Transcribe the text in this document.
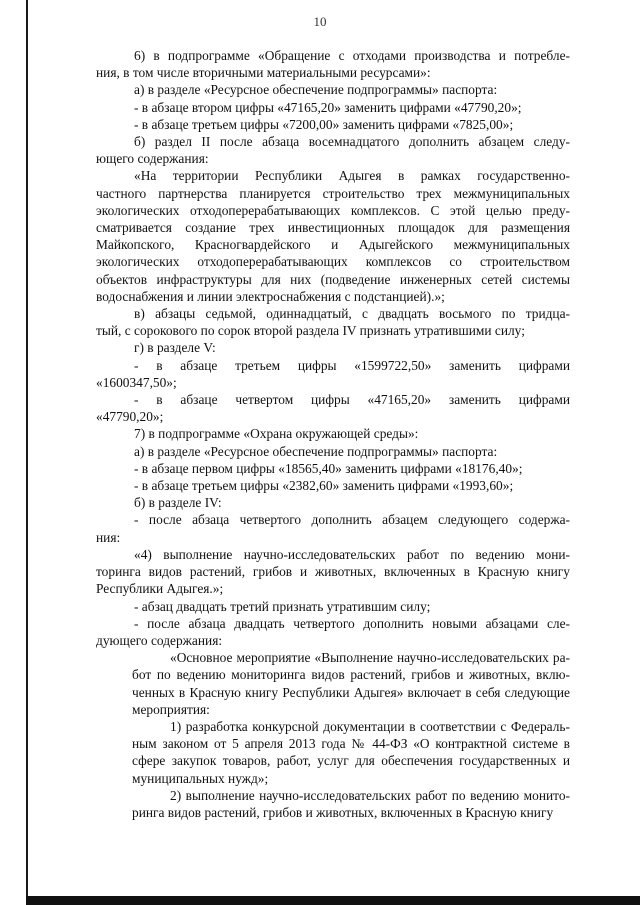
10
6) в подпрограмме «Обращение с отходами производства и потребле-
ния, в том числе вторичными материальными ресурсами»:
а) в разделе «Ресурсное обеспечение подпрограммы» паспорта:
- в абзаце втором цифры «47165,20» заменить цифрами «47790,20»;
- в абзаце третьем цифры «7200,00» заменить цифрами «7825,00»;
б) раздел II после абзаца восемнадцатого дополнить абзацем следу-
ющего содержания:
«На территории Республики Адыгея в рамках государственно-
частного партнерства планируется строительство трех межмуниципальных
экологических отходоперерабатывающих комплексов. С этой целью преду-
сматривается создание трех инвестиционных площадок для размещения
Майкопского, Красногвардейского и Адыгейского межмуниципальных
экологических отходоперерабатывающих комплексов со строительством
объектов инфраструктуры для них (подведение инженерных сетей системы
водоснабжения и линии электроснабжения с подстанцией).»;
в) абзацы седьмой, одиннадцатый, с двадцать восьмого по тридца-
тый, с сорокового по сорок второй раздела IV признать утратившими силу;
г) в разделе V:
- в абзаце третьем цифры «1599722,50» заменить цифрами
«1600347,50»;
- в абзаце четвертом цифры «47165,20» заменить цифрами
«47790,20»;
7) в подпрограмме «Охрана окружающей среды»:
а) в разделе «Ресурсное обеспечение подпрограммы» паспорта:
- в абзаце первом цифры «18565,40» заменить цифрами «18176,40»;
- в абзаце третьем цифры «2382,60» заменить цифрами «1993,60»;
б) в разделе IV:
- после абзаца четвертого дополнить абзацем следующего содержа-
ния:
«4) выполнение научно-исследовательских работ по ведению мони-
торинга видов растений, грибов и животных, включенных в Красную книгу
Республики Адыгея.»;
- абзац двадцать третий признать утратившим силу;
- после абзаца двадцать четвертого дополнить новыми абзацами сле-
дующего содержания:
«Основное мероприятие «Выполнение научно-исследовательских ра-
бот по ведению мониторинга видов растений, грибов и животных, вклю-
ченных в Красную книгу Республики Адыгея» включает в себя следующие
мероприятия:
1) разработка конкурсной документации в соответствии с Федераль-
ным законом от 5 апреля 2013 года № 44-ФЗ «О контрактной системе в
сфере закупок товаров, работ, услуг для обеспечения государственных и
муниципальных нужд»;
2) выполнение научно-исследовательских работ по ведению монито-
ринга видов растений, грибов и животных, включенных в Красную книгу
